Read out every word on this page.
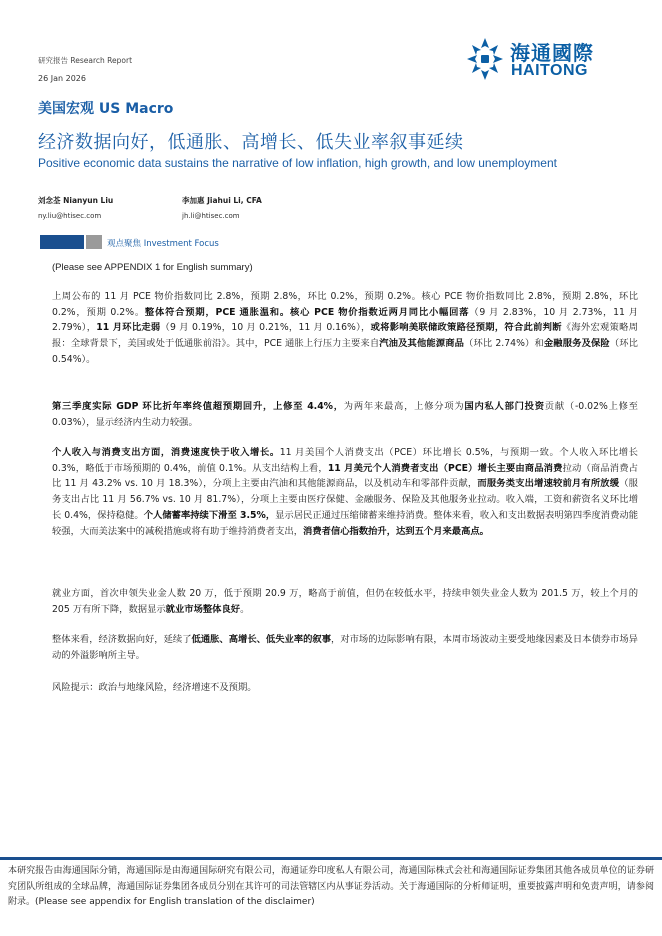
研究报告 Research Report
26 Jan 2026
海通國際
HAITONG
美国宏观 US Macro
经济数据向好，低通胀、高增长、低失业率叙事延续
Positive economic data sustains the narrative of low inflation, high growth, and low unemployment
刘念荃 Nianyun Liu
ny.liu@htisec.com
李加惠 Jiahui Li, CFA
jh.li@htisec.com
观点聚焦 Investment Focus
(Please see APPENDIX 1 for English summary)
上周公布的 11 月 PCE 物价指数同比 2.8%，预期 2.8%，环比 0.2%，预期 0.2%。核心 PCE 物价指数同比 2.8%，预期 2.8%，环比 0.2%，预期 0.2%。整体符合预期，PCE 通胀温和。核心 PCE 物价指数近两月同比小幅回落（9 月 2.83%，10 月 2.73%，11 月 2.79%），11 月环比走弱（9 月 0.19%，10 月 0.21%，11 月 0.16%），或将影响美联储政策路径预期，符合此前判断《海外宏观策略周报：全球背景下，美国或处于低通胀前沿》。其中，PCE 通胀上行压力主要来自汽油及其他能源商品（环比 2.74%）和金融服务及保险（环比 0.54%）。
第三季度实际 GDP 环比折年率终值超预期回升，上修至 4.4%，为两年来最高，上修分项为国内私人部门投资贡献（-0.02%上修至 0.03%），显示经济内生动力较强。
个人收入与消费支出方面，消费速度快于收入增长。11 月美国个人消费支出（PCE）环比增长 0.5%，与预期一致。个人收入环比增长 0.3%，略低于市场预期的 0.4%，前值 0.1%。从支出结构上看，11 月美元个人消费者支出（PCE）增长主要由商品消费拉动（商品消费占比 11 月 43.2% vs. 10 月 18.3%），分项上主要由汽油和其他能源商品，以及机动车和零部件贡献，而服务类支出增速较前月有所放缓（服务支出占比 11 月 56.7% vs. 10 月 81.7%），分项上主要由医疗保健、金融服务、保险及其他服务业拉动。收入端，工资和薪资名义环比增长 0.4%，保持稳健。个人储蓄率持续下滑至 3.5%，显示居民正通过压缩储蓄来维持消费。整体来看，收入和支出数据表明第四季度消费动能较强，大而美法案中的减税措施或将有助于维持消费者支出，消费者信心指数抬升，达到五个月来最高点。
就业方面，首次申领失业金人数 20 万，低于预期 20.9 万，略高于前值，但仍在较低水平，持续申领失业金人数为 201.5 万，较上个月的 205 万有所下降，数据显示就业市场整体良好。
整体来看，经济数据向好，延续了低通胀、高增长、低失业率的叙事，对市场的边际影响有限，本周市场波动主要受地缘因素及日本债券市场异动的外溢影响所主导。
风险提示：政治与地缘风险，经济增速不及预期。
本研究报告由海通国际分销，海通国际是由海通国际研究有限公司，海通证券印度私人有限公司，海通国际株式会社和海通国际证券集团其他各成员单位的证券研究团队所组成的全球品牌，海通国际证券集团各成员分别在其许可的司法管辖区内从事证券活动。关于海通国际的分析师证明，重要披露声明和免责声明，请参阅附录。(Please see appendix for English translation of the disclaimer)
